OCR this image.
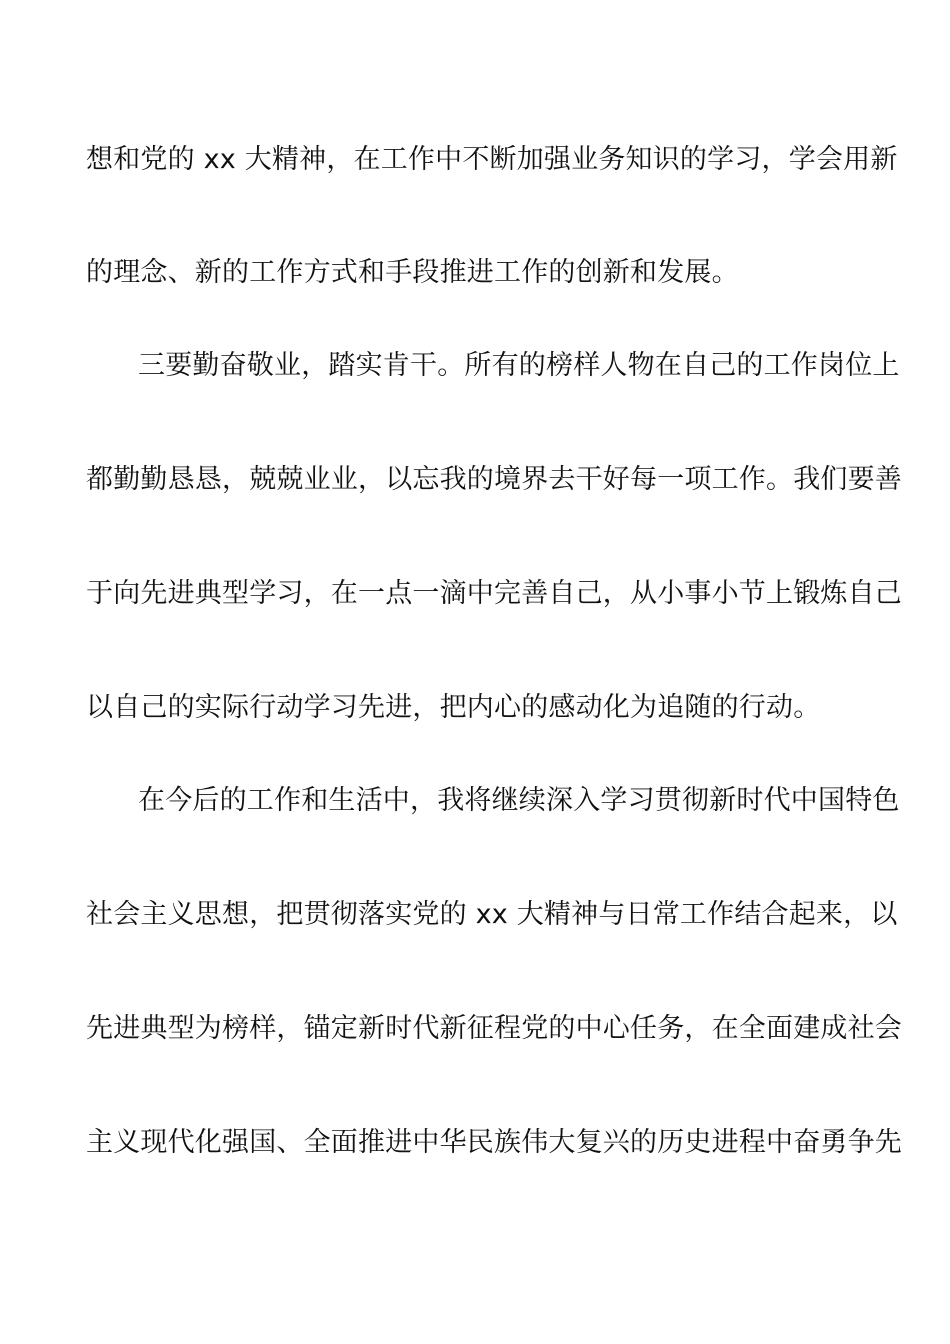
想和党的 xx 大精神，在工作中不断加强业务知识的学习，学会用新
的理念、新的工作方式和手段推进工作的创新和发展。
三要勤奋敬业，踏实肯干。所有的榜样人物在自己的工作岗位上
都勤勤恳恳，兢兢业业，以忘我的境界去干好每一项工作。我们要善
于向先进典型学习，在一点一滴中完善自己，从小事小节上锻炼自己
以自己的实际行动学习先进，把内心的感动化为追随的行动。
在今后的工作和生活中，我将继续深入学习贯彻新时代中国特色
社会主义思想，把贯彻落实党的 xx 大精神与日常工作结合起来，以
先进典型为榜样，锚定新时代新征程党的中心任务，在全面建成社会
主义现代化强国、全面推进中华民族伟大复兴的历史进程中奋勇争先
